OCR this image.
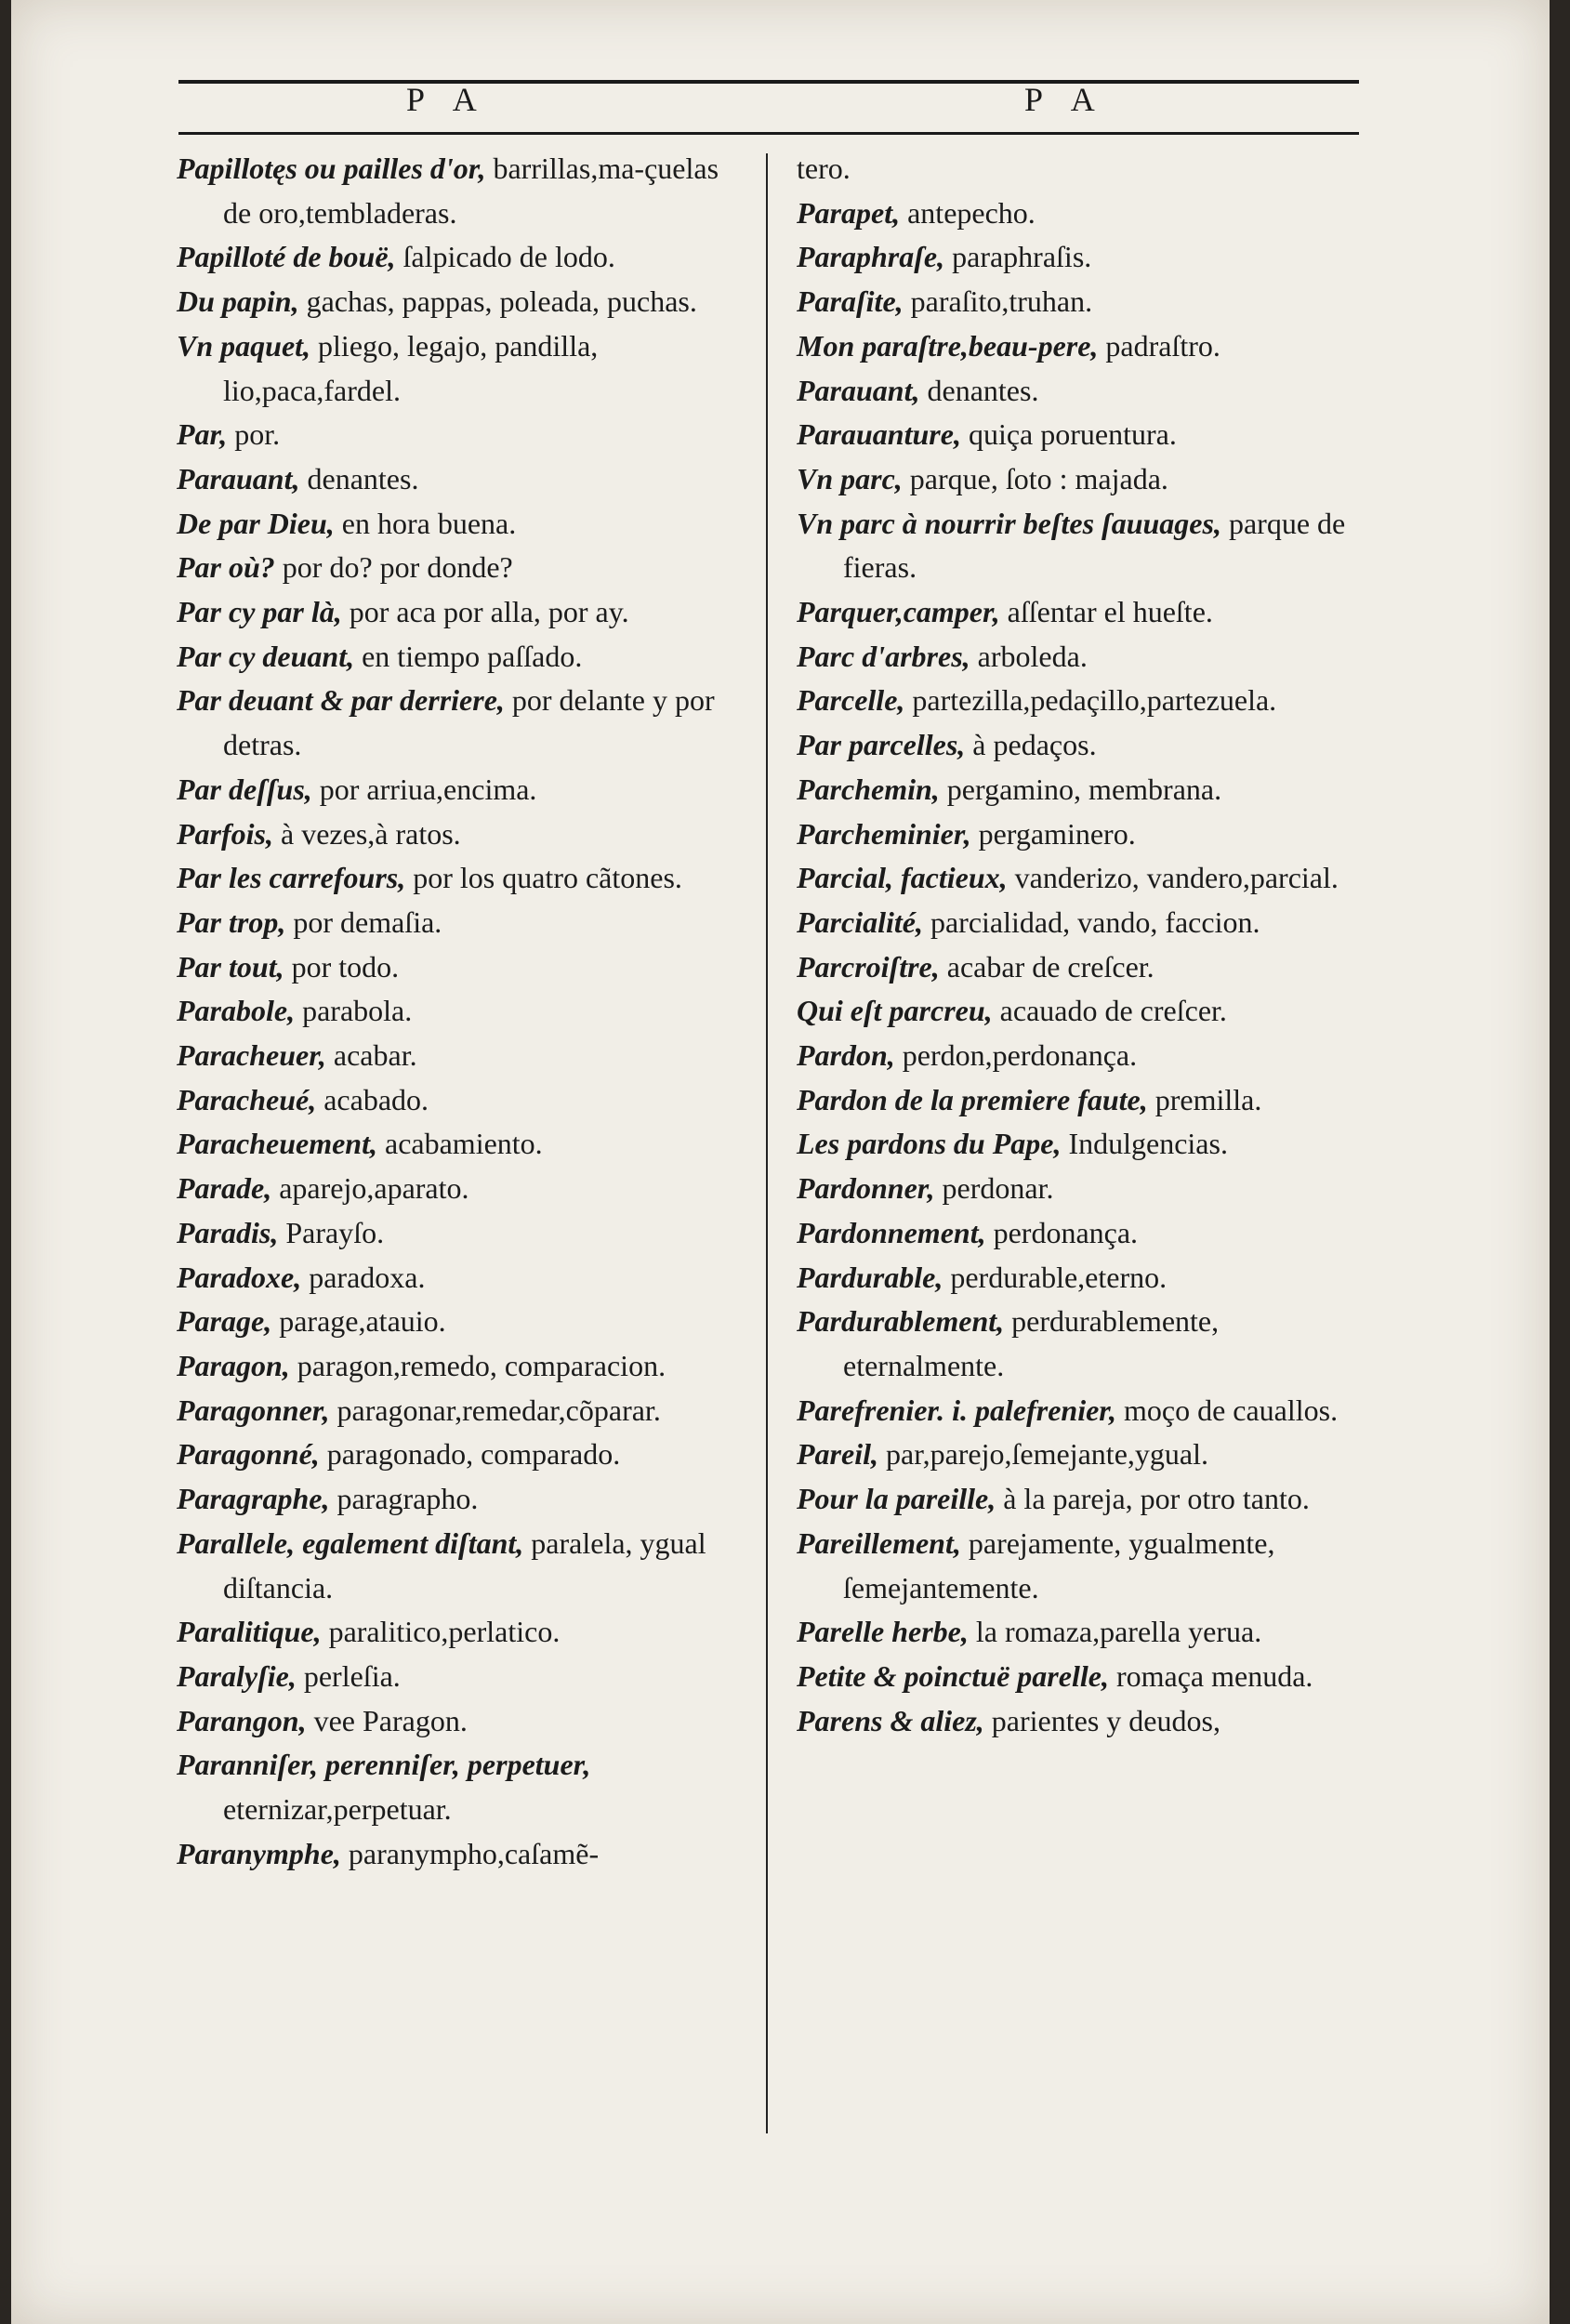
P A	P A
Papillotęs ou pailles d'or, barrillas,ma-çuelas de oro,tembladeras.
Papilloté de bouë, ſalpicado de lodo.
Du papin, gachas, pappas, poleada, puchas.
Vn paquet, pliego, legajo, pandilla, lio,paca,fardel.
Par, por.
Parauant, denantes.
De par Dieu, en hora buena.
Par où? por do? por donde?
Par cy par là, por aca por alla, por ay.
Par cy deuant, en tiempo paſſado.
Par deuant & par derriere, por delante y por detras.
Par deſſus, por arriua,encima.
Parfois, à vezes,à ratos.
Par les carrefours, por los quatro cãtones.
Par trop, por demaſia.
Par tout, por todo.
Parabole, parabola.
Paracheuer, acabar.
Paracheué, acabado.
Paracheuement, acabamiento.
Parade, aparejo,aparato.
Paradis, Parayſo.
Paradoxe, paradoxa.
Parage, parage,atauio.
Paragon, paragon,remedo, comparacion.
Paragonner, paragonar,remedar,cõparar.
Paragonné, paragonado, comparado.
Paragraphe, paragrapho.
Parallele, egalement diſtant, paralela, ygual diſtancia.
Paralitique, paralitico,perlatico.
Paralyſie, perleſia.
Parangon, vee Paragon.
Paranniſer, perenniſer, perpetuer, eternizar,perpetuar.
Paranymphe, paranympho,caſamẽ-
tero.
Parapet, antepecho.
Paraphraſe, paraphraſis.
Paraſite, paraſito,truhan.
Mon paraſtre,beau-pere, padraſtro.
Parauant, denantes.
Parauanture, quiça poruentura.
Vn parc, parque, ſoto : majada.
Vn parc à nourrir beſtes ſauuages, parque de fieras.
Parquer,camper, aſſentar el hueſte.
Parc d'arbres, arboleda.
Parcelle, partezilla,pedaçillo,partezuela.
Par parcelles, à pedaços.
Parchemin, pergamino, membrana.
Parcheminier, pergaminero.
Parcial, factieux, vanderizo, vandero,parcial.
Parcialité, parcialidad, vando, faccion.
Parcroiſtre, acabar de creſcer.
Qui eſt parcreu, acauado de creſcer.
Pardon, perdon,perdonança.
Pardon de la premiere faute, premilla.
Les pardons du Pape, Indulgencias.
Pardonner, perdonar.
Pardonnement, perdonança.
Pardurable, perdurable,eterno.
Pardurablement, perdurablemente, eternalmente.
Parefrenier. i. palefrenier, moço de cauallos.
Pareil, par,parejo,ſemejante,ygual.
Pour la pareille, à la pareja, por otro tanto.
Pareillement, parejamente, ygualmente, ſemejantemente.
Parelle herbe, la romaza,parella yerua.
Petite & poinctuë parelle, romaça menuda.
Parens & aliez, parientes y deudos,
